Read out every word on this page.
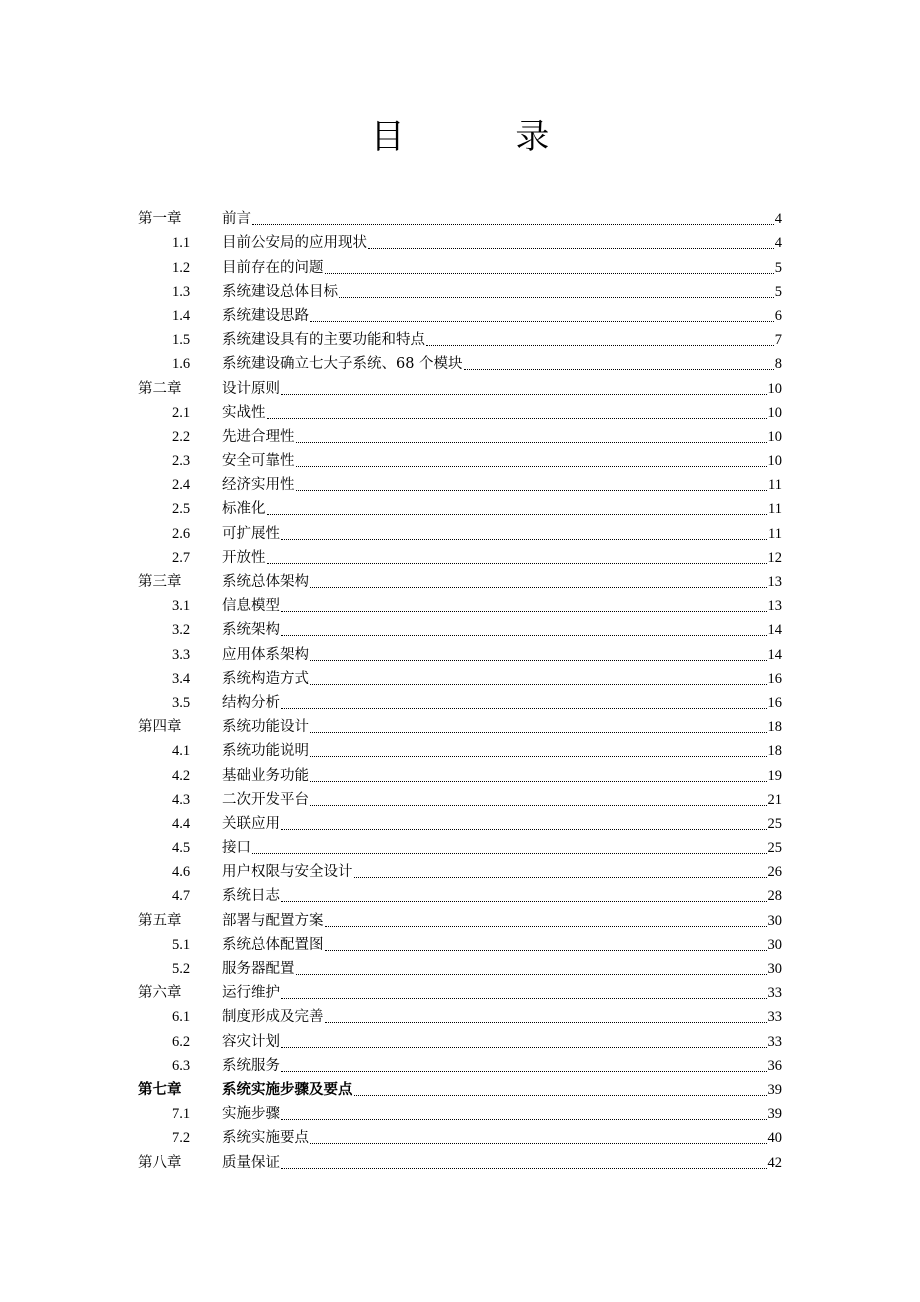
目 录
第一章	前言	4
1.1	目前公安局的应用现状	4
1.2	目前存在的问题	5
1.3	系统建设总体目标	5
1.4	系统建设思路	6
1.5	系统建设具有的主要功能和特点	7
1.6	系统建设确立七大子系统、68 个模块	8
第二章	设计原则	10
2.1	实战性	10
2.2	先进合理性	10
2.3	安全可靠性	10
2.4	经济实用性	11
2.5	标准化	11
2.6	可扩展性	11
2.7	开放性	12
第三章	系统总体架构	13
3.1	信息模型	13
3.2	系统架构	14
3.3	应用体系架构	14
3.4	系统构造方式	16
3.5	结构分析	16
第四章	系统功能设计	18
4.1	系统功能说明	18
4.2	基础业务功能	19
4.3	二次开发平台	21
4.4	关联应用	25
4.5	接口	25
4.6	用户权限与安全设计	26
4.7	系统日志	28
第五章	部署与配置方案	30
5.1	系统总体配置图	30
5.2	服务器配置	30
第六章	运行维护	33
6.1	制度形成及完善	33
6.2	容灾计划	33
6.3	系统服务	36
第七章	系统实施步骤及要点	39
7.1	实施步骤	39
7.2	系统实施要点	40
第八章	质量保证	42
